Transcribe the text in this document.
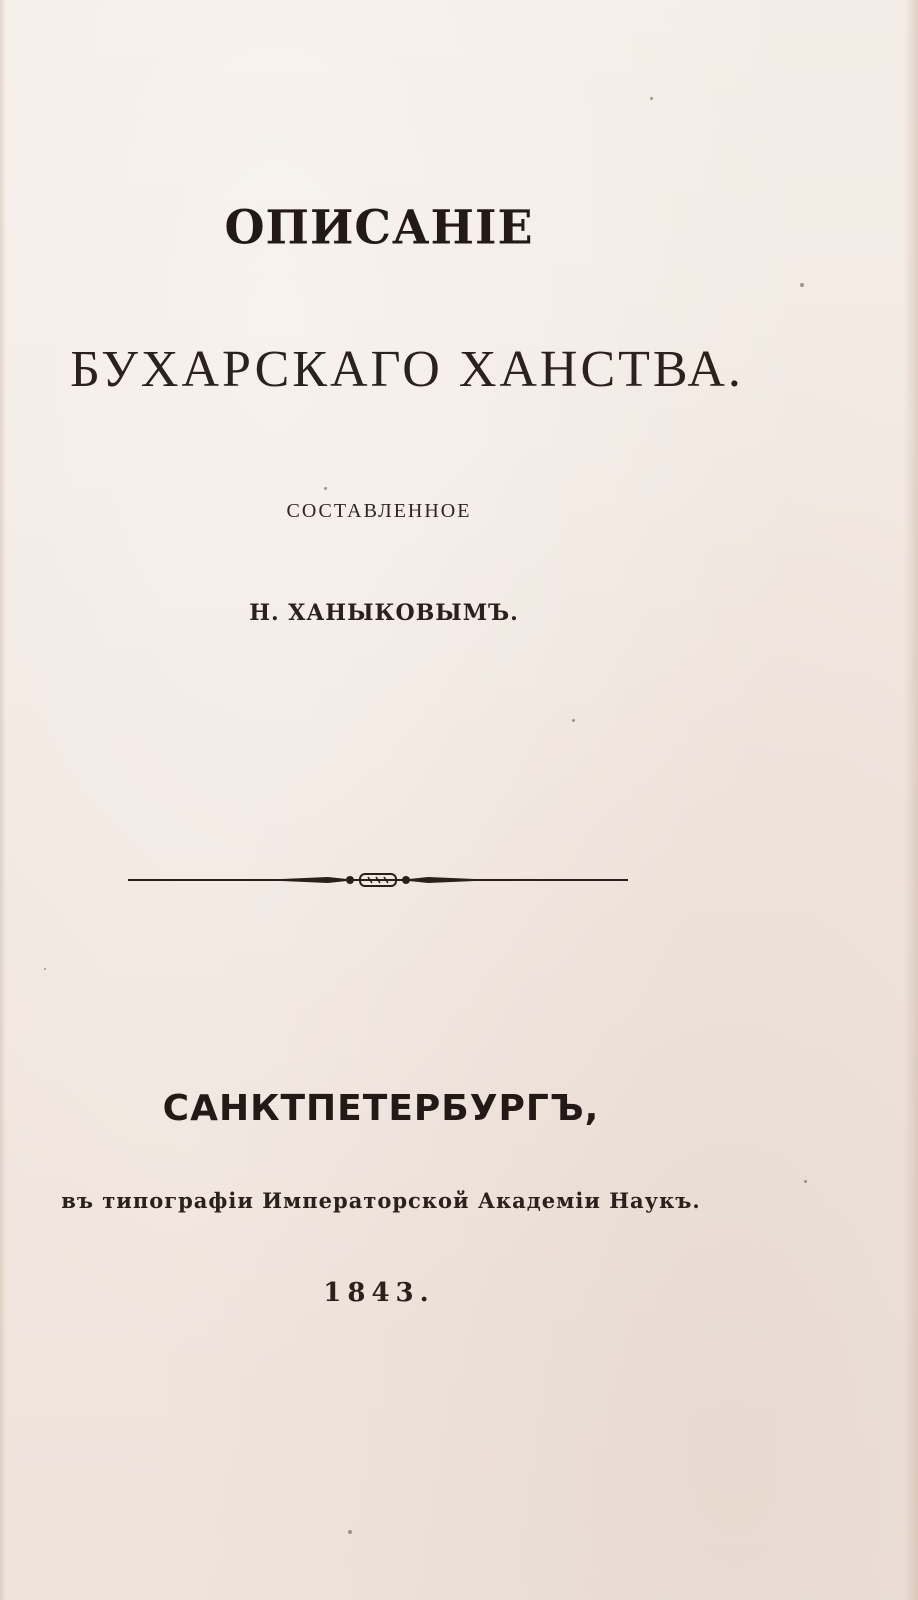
ОПИСАНІЕ
БУХАРСКАГО ХАНСТВА.
СОСТАВЛЕННОЕ
Н. ХАНЫКОВЫМЪ.
САНКТПЕТЕРБУРГЪ,
въ типографіи Императорской Академіи Наукъ.
1843.
